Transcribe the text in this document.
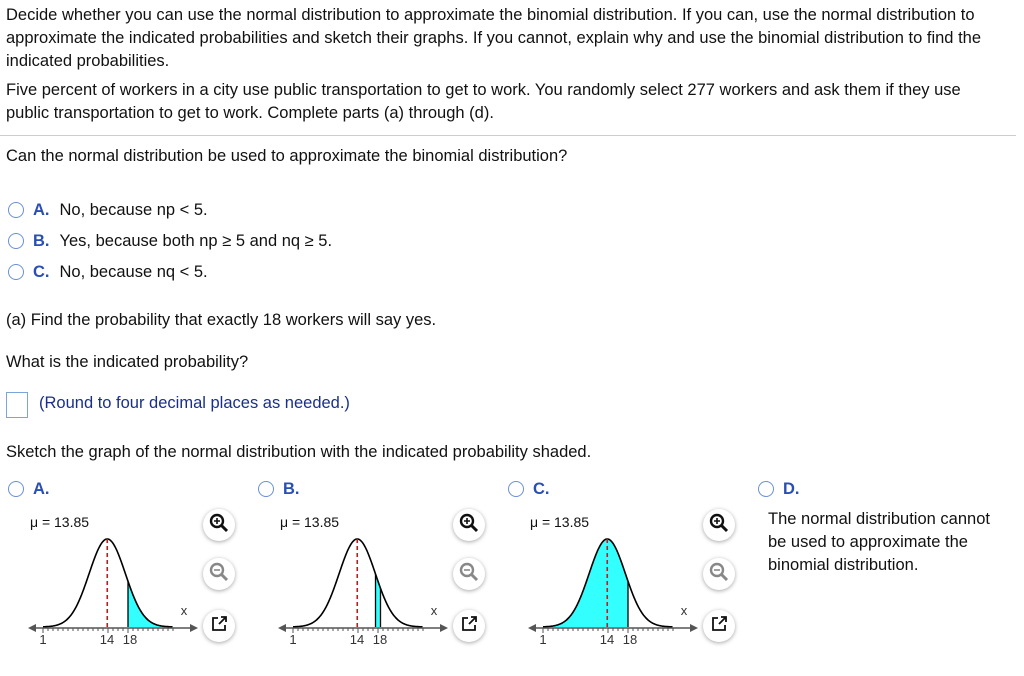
Decide whether you can use the normal distribution to approximate the binomial distribution. If you can, use the normal distribution to approximate the indicated probabilities and sketch their graphs. If you cannot, explain why and use the binomial distribution to find the indicated probabilities.
Five percent of workers in a city use public transportation to get to work. You randomly select 277 workers and ask them if they use public transportation to get to work. Complete parts (a) through (d).
Can the normal distribution be used to approximate the binomial distribution?
A. No, because np < 5.
B. Yes, because both np ≥ 5 and nq ≥ 5.
C. No, because nq < 5.
(a) Find the probability that exactly 18 workers will say yes.
What is the indicated probability?
(Round to four decimal places as needed.)
Sketch the graph of the normal distribution with the indicated probability shaded.
A.
μ = 13.85
1	14 18
x
B.
μ = 13.85
1	14 18
x
C.
μ = 13.85
1	14 18
x
D.
The normal distribution cannot be used to approximate the binomial distribution.
